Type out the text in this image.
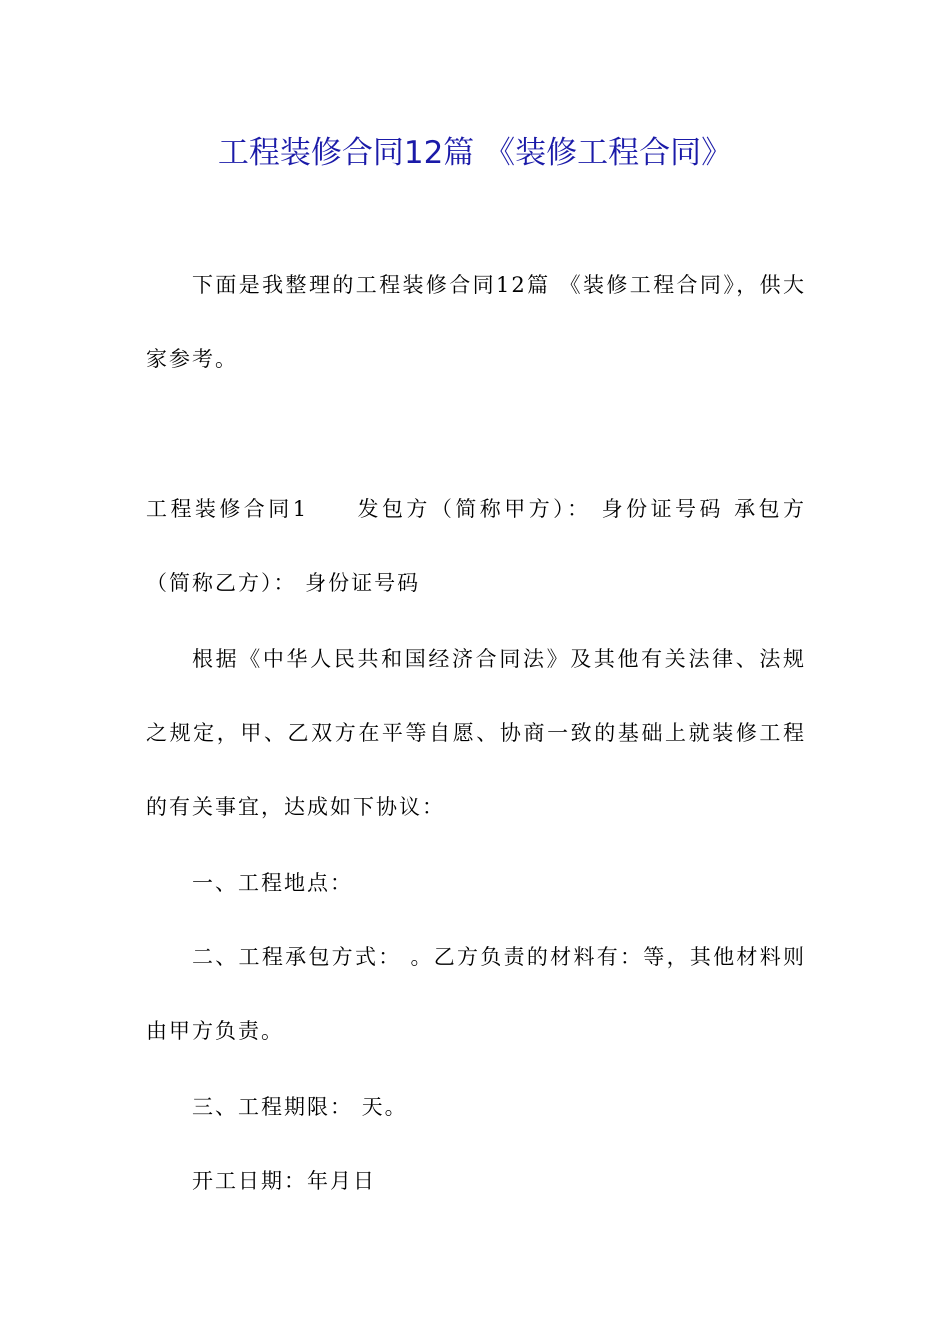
工程装修合同12篇 《装修工程合同》

下面是我整理的工程装修合同12篇 《装修工程合同》，供大家参考。

工程装修合同1 发包方（简称甲方）： 身份证号码 承包方（简称乙方）： 身份证号码

根据《中华人民共和国经济合同法》及其他有关法律、法规之规定，甲、乙双方在平等自愿、协商一致的基础上就装修工程的有关事宜，达成如下协议：

一、工程地点：

二、工程承包方式： 。乙方负责的材料有：等，其他材料则由甲方负责。

三、工程期限： 天。

开工日期：年月日
